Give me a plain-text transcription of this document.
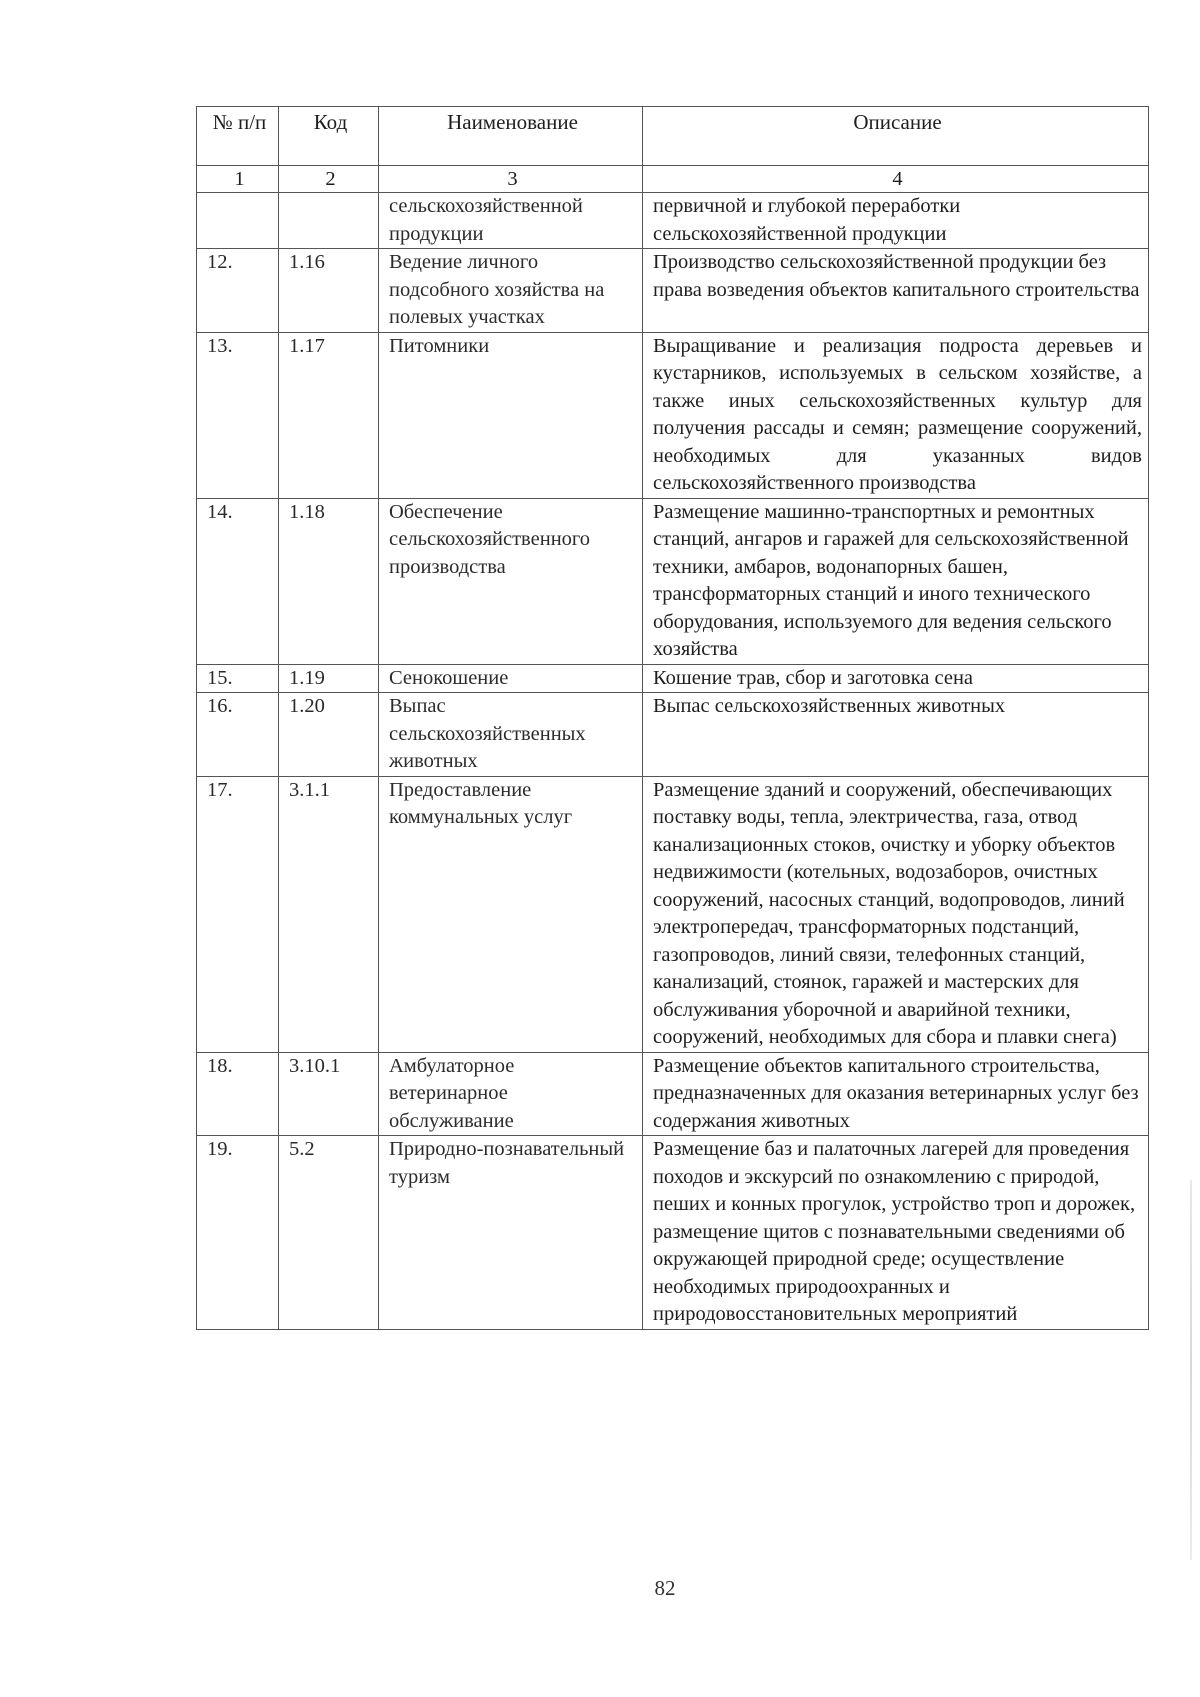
№ п/п	Код	Наименование	Описание
1	2	3	4
		сельскохозяйственной продукции	первичной и глубокой переработки сельскохозяйственной продукции
12.	1.16	Ведение личного подсобного хозяйства на полевых участках	Производство сельскохозяйственной продукции без права возведения объектов капитального строительства
13.	1.17	Питомники	Выращивание и реализация подроста деревьев и кустарников, используемых в сельском хозяйстве, а также иных сельскохозяйственных культур для получения рассады и семян; размещение сооружений, необходимых для указанных видов сельскохозяйственного производства
14.	1.18	Обеспечение сельскохозяйственного производства	Размещение машинно-транспортных и ремонтных станций, ангаров и гаражей для сельскохозяйственной техники, амбаров, водонапорных башен, трансформаторных станций и иного технического оборудования, используемого для ведения сельского хозяйства
15.	1.19	Сенокошение	Кошение трав, сбор и заготовка сена
16.	1.20	Выпас сельскохозяйственных животных	Выпас сельскохозяйственных животных
17.	3.1.1	Предоставление коммунальных услуг	Размещение зданий и сооружений, обеспечивающих поставку воды, тепла, электричества, газа, отвод канализационных стоков, очистку и уборку объектов недвижимости (котельных, водозаборов, очистных сооружений, насосных станций, водопроводов, линий электропередач, трансформаторных подстанций, газопроводов, линий связи, телефонных станций, канализаций, стоянок, гаражей и мастерских для обслуживания уборочной и аварийной техники, сооружений, необходимых для сбора и плавки снега)
18.	3.10.1	Амбулаторное ветеринарное обслуживание	Размещение объектов капитального строительства, предназначенных для оказания ветеринарных услуг без содержания животных
19.	5.2	Природно-познавательный туризм	Размещение баз и палаточных лагерей для проведения походов и экскурсий по ознакомлению с природой, пеших и конных прогулок, устройство троп и дорожек, размещение щитов с познавательными сведениями об окружающей природной среде; осуществление необходимых природоохранных и природовосстановительных мероприятий
82
